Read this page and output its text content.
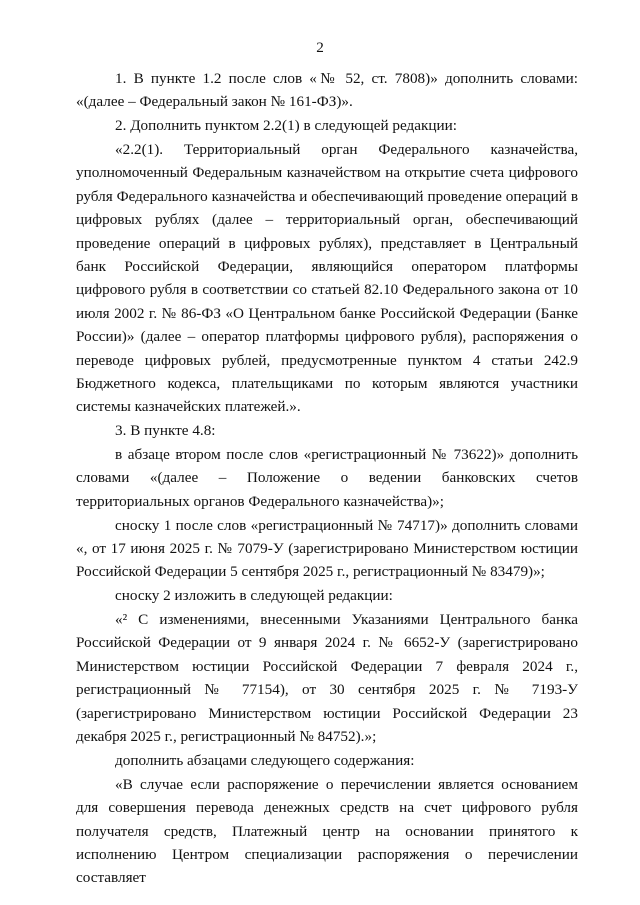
2

1. В пункте 1.2 после слов «№ 52, ст. 7808)» дополнить словами: «(далее – Федеральный закон № 161-ФЗ)».

2. Дополнить пунктом 2.2(1) в следующей редакции:

«2.2(1). Территориальный орган Федерального казначейства, уполномоченный Федеральным казначейством на открытие счета цифрового рубля Федерального казначейства и обеспечивающий проведение операций в цифровых рублях (далее – территориальный орган, обеспечивающий проведение операций в цифровых рублях), представляет в Центральный банк Российской Федерации, являющийся оператором платформы цифрового рубля в соответствии со статьей 82.10 Федерального закона от 10 июля 2002 г. № 86-ФЗ «О Центральном банке Российской Федерации (Банке России)» (далее – оператор платформы цифрового рубля), распоряжения о переводе цифровых рублей, предусмотренные пунктом 4 статьи 242.9 Бюджетного кодекса, плательщиками по которым являются участники системы казначейских платежей.».

3. В пункте 4.8:

в абзаце втором после слов «регистрационный № 73622)» дополнить словами «(далее – Положение о ведении банковских счетов территориальных органов Федерального казначейства)»;

сноску 1 после слов «регистрационный № 74717)» дополнить словами «, от 17 июня 2025 г. № 7079-У (зарегистрировано Министерством юстиции Российской Федерации 5 сентября 2025 г., регистрационный № 83479)»;

сноску 2 изложить в следующей редакции:

«² С изменениями, внесенными Указаниями Центрального банка Российской Федерации от 9 января 2024 г. № 6652-У (зарегистрировано Министерством юстиции Российской Федерации 7 февраля 2024 г., регистрационный № 77154), от 30 сентября 2025 г. № 7193-У (зарегистрировано Министерством юстиции Российской Федерации 23 декабря 2025 г., регистрационный № 84752).»;

дополнить абзацами следующего содержания:

«В случае если распоряжение о перечислении является основанием для совершения перевода денежных средств на счет цифрового рубля получателя средств, Платежный центр на основании принятого к исполнению Центром специализации распоряжения о перечислении составляет
